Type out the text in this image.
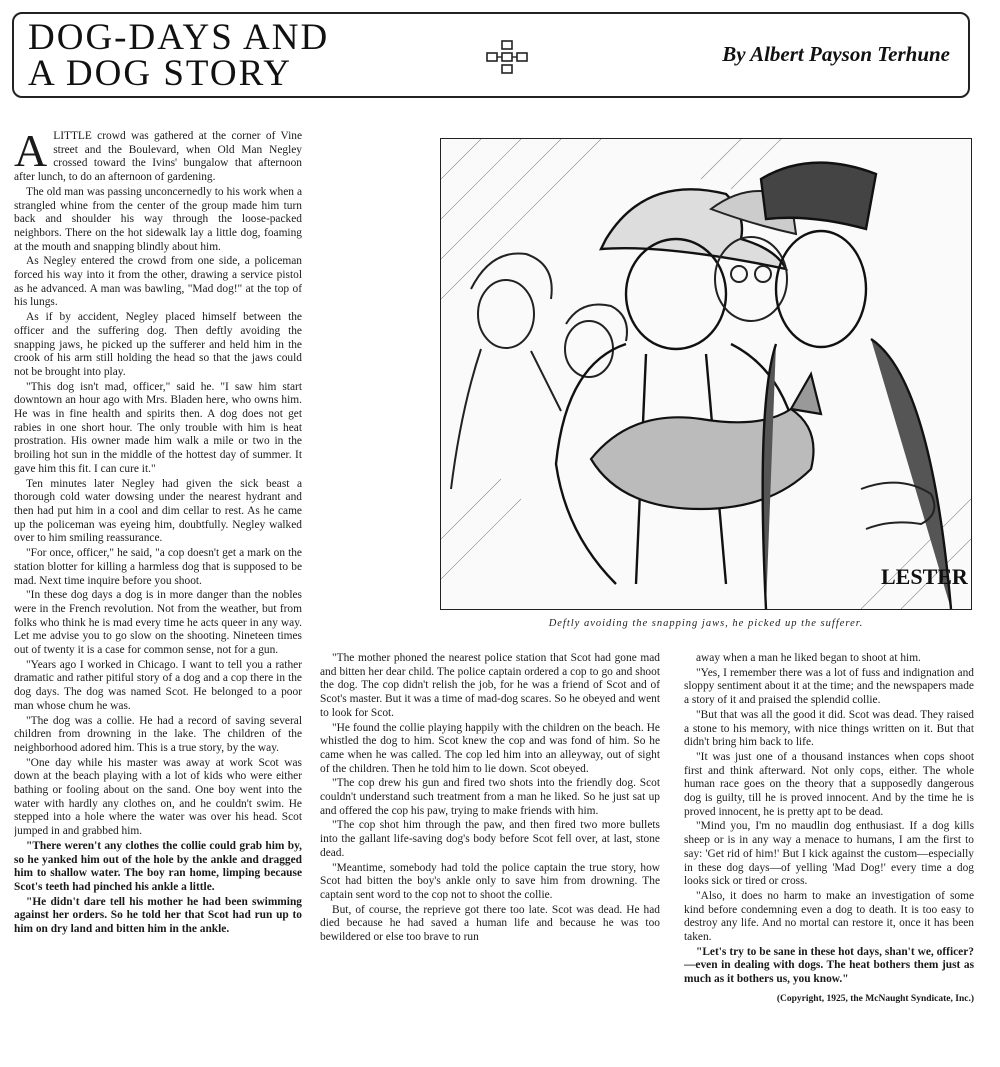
DOG-DAYS AND
A DOG STORY	By Albert Payson Terhune
A LITTLE crowd was gathered at the corner of Vine street and the Boulevard, when Old Man Negley crossed toward the Ivins' bungalow that afternoon after lunch, to do an afternoon of gardening.

The old man was passing unconcernedly to his work when a strangled whine from the center of the group made him turn back and shoulder his way through the loose-packed neighbors. There on the hot sidewalk lay a little dog, foaming at the mouth and snapping blindly about him.

As Negley entered the crowd from one side, a policeman forced his way into it from the other, drawing a service pistol as he advanced. A man was bawling, "Mad dog!" at the top of his lungs.

As if by accident, Negley placed himself between the officer and the suffering dog. Then deftly avoiding the snapping jaws, he picked up the sufferer and held him in the crook of his arm still holding the head so that the jaws could not be brought into play.

"This dog isn't mad, officer," said he. "I saw him start downtown an hour ago with Mrs. Bladen here, who owns him. He was in fine health and spirits then. A dog does not get rabies in one short hour. The only trouble with him is heat prostration. His owner made him walk a mile or two in the broiling hot sun in the middle of the hottest day of summer. It gave him this fit. I can cure it."

Ten minutes later Negley had given the sick beast a thorough cold water dowsing under the nearest hydrant and then had put him in a cool and dim cellar to rest. As he came up the policeman was eyeing him, doubtfully. Negley walked over to him smiling reassurance.

"For once, officer," he said, "a cop doesn't get a mark on the station blotter for killing a harmless dog that is supposed to be mad. Next time inquire before you shoot.

"In these dog days a dog is in more danger than the nobles were in the French revolution. Not from the weather, but from folks who think he is mad every time he acts queer in any way. Let me advise you to go slow on the shooting. Nineteen times out of twenty it is a case for common sense, not for a gun.

"Years ago I worked in Chicago. I want to tell you a rather dramatic and rather pitiful story of a dog and a cop there in the dog days. The dog was named Scot. He belonged to a poor man whose chum he was.

"The dog was a collie. He had a record of saving several children from drowning in the lake. The children of the neighborhood adored him. This is a true story, by the way.

"One day while his master was away at work Scot was down at the beach playing with a lot of kids who were either bathing or fooling about on the sand. One boy went into the water with hardly any clothes on, and he couldn't swim. He stepped into a hole where the water was over his head. Scot jumped in and grabbed him.

"There weren't any clothes the collie could grab him by, so he yanked him out of the hole by the ankle and dragged him to shallow water. The boy ran home, limping because Scot's teeth had pinched his ankle a little.

"He didn't dare tell his mother he had been swimming against her orders. So he told her that Scot had run up to him on dry land and bitten him in the ankle.

LESTER
Deftly avoiding the snapping jaws, he picked up the sufferer.

"The mother phoned the nearest police station that Scot had gone mad and bitten her dear child. The police captain ordered a cop to go and shoot the dog. The cop didn't relish the job, for he was a friend of Scot and of Scot's master. But it was a time of mad-dog scares. So he obeyed and went to look for Scot.

"He found the collie playing happily with the children on the beach. He whistled the dog to him. Scot knew the cop and was fond of him. So he came when he was called. The cop led him into an alleyway, out of sight of the children. Then he told him to lie down. Scot obeyed.

"The cop drew his gun and fired two shots into the friendly dog. Scot couldn't understand such treatment from a man he liked. So he just sat up and offered the cop his paw, trying to make friends with him.

"The cop shot him through the paw, and then fired two more bullets into the gallant life-saving dog's body before Scot fell over, at last, stone dead.

"Meantime, somebody had told the police captain the true story, how Scot had bitten the boy's ankle only to save him from drowning. The captain sent word to the cop not to shoot the collie.

But, of course, the reprieve got there too late. Scot was dead. He had died because he had saved a human life and because he was too bewildered or else too brave to run

away when a man he liked began to shoot at him.

"Yes, I remember there was a lot of fuss and indignation and sloppy sentiment about it at the time; and the newspapers made a story of it and praised the splendid collie.

"But that was all the good it did. Scot was dead. They raised a stone to his memory, with nice things written on it. But that didn't bring him back to life.

"It was just one of a thousand instances when cops shoot first and think afterward. Not only cops, either. The whole human race goes on the theory that a supposedly dangerous dog is guilty, till he is proved innocent. And by the time he is proved innocent, he is pretty apt to be dead.

"Mind you, I'm no maudlin dog enthusiast. If a dog kills sheep or is in any way a menace to humans, I am the first to say: 'Get rid of him!' But I kick against the custom—especially in these dog days—of yelling 'Mad Dog!' every time a dog looks sick or tired or cross.

"Also, it does no harm to make an investigation of some kind before condemning even a dog to death. It is too easy to destroy any life. And no mortal can restore it, once it has been taken.

"Let's try to be sane in these hot days, shan't we, officer?—even in dealing with dogs. The heat bothers them just as much as it bothers us, you know."

(Copyright, 1925, the McNaught Syndicate, Inc.)
